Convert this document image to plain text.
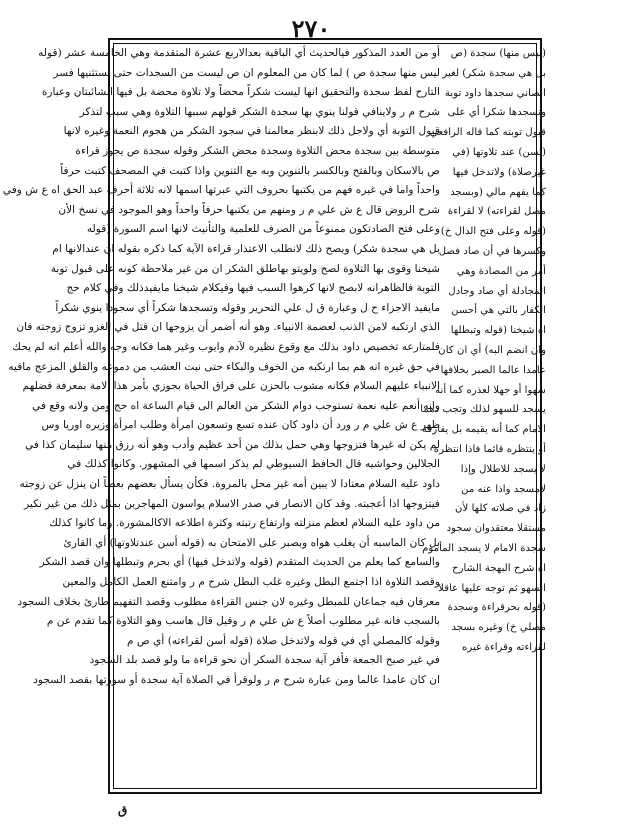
٢٧٠
أو من العدد المذكور فيالحديث أي الباقية بعدالاربع عشرة المتقدمة وهي الخامسة عشر (قوله
ليس منها سجدة ص ) لما كان من المعلوم ان ص ليست من السجدات حتى يستثنيها فسر
التارح لفظ سجدة والتحقيق انها ليست شكراً محضاً ولا تلاوة محضة بل فيها الشائبتان وعبارة
شرح م ر ولاينافي قولنا ينوي بها سجدة الشكر قولهم سببها التلاوة وهي سبب لتذكر
قبول التوبة أي ولاجل ذلك لابنظر معالمنا في سجود الشكر من هجوم النعمة وغيره لانها
متوسطة بين سجدة محض التلاوة وسجدة محض الشكر وقوله سجدة ص يجوز قراءة
ص بالاسكان وبالفتح وبالكسر بالتنوين وبه مع التنوين واذا كتبت في المصحف كتبت حرفاً
واحداً واما في غيره فهم من يكتبها بحروف التي عبرتها اسمها لانه ثلاثة أحرف عبد الحق اه ع ش وفي
شرح الروض قال ع ش علي م ر ومنهم من يكتبها حرفاً واحداً وهو الموجود في نسخ الأن
وعلى فتح الصادتكون ممنوعاً من الصرف للعلمية والتأنيث لانها اسم السورة (قوله
بل هي سجدة شكر) ويصح ذلك لانطلب الاعتذار قراءة الآية كما ذكره بقوله ان عندالانها ام
شيخنا وقوى بها التلاوة لصح ولويتو بهاطلق الشكر ان من غير ملاحظة كونه على قبول توبة
التوبة فالظاهرانه لابصح لانها كرهوا السبب فيها وفيكلام شيخنا مايفيدذلك وفي كلام حج
مايفيد الاجزاء ح ل وعبارة ق ل علي التحرير وقوله وتسجدها شكراً أي سجودا ينوي شكراً
الذي ارتكبه لامن الذنب لعصمة الانبياء. وهو أنه أضمر أن يزوجها ان قتل في الغزو تزوج زوجته فان
فلمتارعه تخصيص داود بذلك مع وقوع نظيره لآدم وايوب وغير هما فكانه وجه والله أعلم انه لم يحك
في حق غيره انه هم بما ارتكبه من الخوف والبكاء حتى نبت العشب من دموعه والقلق المزعج ماقيه
الانبياء عليهم السلام فكانه مشوب بالحزن على فراق الحياة بجوزي بأمر هذا الامة بمعرفة فضلهم
وانه أنعم عليه نعمة تستوجب دوام الشكر من العالم الى قيام الساعة اه حج ومن ولانه وقع في
ظهر ع ش علي م ر ورد أن داود كان عنده تسع وتسعون امرأة وطلب امرأة وزيره اوريا وس
لم يكن له غيرها فتزوجها وهي حمل بذلك من أحد عظيم وأدب وهو أنه رزق منها سليمان كذا في
الجلالين وحواشيه قال الحافظ السيوطي لم يذكر اسمها في المشهور. وكانوا كذلك في
داود عليه السلام معتادا لا يبين أمه غير محل بالمروة. فكأن يسأل بعضهم بعضاً ان ينزل عن زوجته
فيتزوجها اذا أعجبته. وقد كان الانصار في صدر الاسلام يواسون المهاجرين بمثل ذلك من غير نكير
من داود عليه السلام لعظم منزلته وارتفاع رتبته وكثرة اطلاعه الاكالمشورة. وما كانوا كذلك
بل كان الماسبه أن يغلب هواه وبصبر على الامتحان به (قوله أسن عندتلاوتها) أي القارئ
والسامع كما يعلم من الحديث المتقدم (قوله ولاتدخل فيها) أي بحرم وتبطلها وان قصد الشكر
وقصد التلاوة اذا اجتمع البطل وغيره غلب البطل شرح م ر وامتنع العمل الكامل والمعين
معرفان فيه جماعان للمبطل وغيره لان جنس القراءة مطلوب وقصد التفهيم طارئ بخلاف السجود
بالسجب فانه غير مطلوب أصلاً ع ش علي م ر وقيل قال هاسب وهو التلاوة كما تقدم عن م
وقوله كالمصلي أي في قوله ولاتدخل صلاة (قوله أسن لقراءته) أي ص م
في غير صبح الجمعة فأفر آية سجدة السكر أن نحو قراءة ما ولو قصد بلد السجود
ان كان عامدا عالما ومن عبارة شرح م ر ولوقرأ في الصلاة آية سجدة أو سورتها بقصد السجود
(ليس منها) سجدة (ص
بل هي سجدة شكر) لغير
الصاني سجدها داود توبة
ونسجدها شكرا أي على
قبول توبته كما قاله الرافعي
(تسن) عند تلاوتها (في
غيرصلاة) ولاتدخل فيها
كما يفهم مالي (وبسجد
مصل لقراءته) لا لقراءة
(قوله وعلى فتح الدال خ)
وكسرها في أن صاد فصل
أمر من المصادة وهي
المجادلة أي صاد وجادل
الكفار بالتي هي أحسن
اه شيخنا (قوله وتبطلها
وان انضم البه) أي ان كان
عامدا عالما الصبر بخلافها
سهوا أو جهلا لعذره كما أنه
يسجد للسهو لذلك وتجب دهما
الامام كما أنه يقيمه بل يفارقه
أو ينتظره قائما فاذا انتظره
لا يسجد للاطلال وإذا
لامسجد واذا عنه من
زاد في صلاته كلها لأن
مستقلا معتقدوان سجود
سجدة الامام لا يسجد المأموم
اه شرح البهجة الشارح
السهو ثم توجه عليها عاقلا
(قوله بحرقراءة وسجدة
مصلي خ) وغيره بسجد
لقراءته وقراءة غيره
ق
